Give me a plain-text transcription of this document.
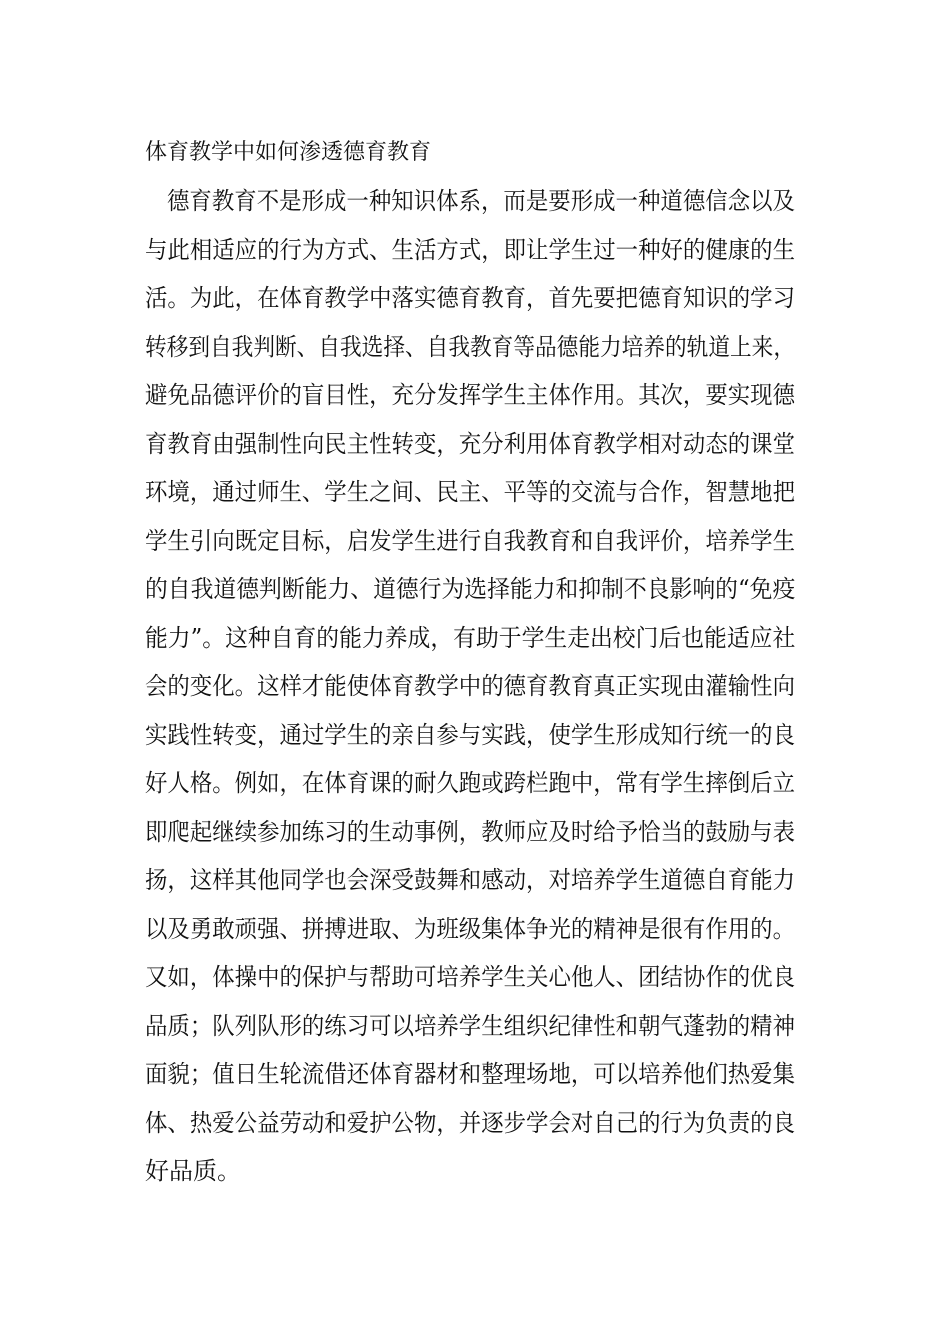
体育教学中如何渗透德育教育

德育教育不是形成一种知识体系，而是要形成一种道德信念以及

与此相适应的行为方式、生活方式，即让学生过一种好的健康的生

活。为此，在体育教学中落实德育教育，首先要把德育知识的学习

转移到自我判断、自我选择、自我教育等品德能力培养的轨道上来，

避免品德评价的盲目性，充分发挥学生主体作用。其次，要实现德

育教育由强制性向民主性转变，充分利用体育教学相对动态的课堂

环境，通过师生、学生之间、民主、平等的交流与合作，智慧地把

学生引向既定目标，启发学生进行自我教育和自我评价，培养学生

的自我道德判断能力、道德行为选择能力和抑制不良影响的“免疫

能力”。这种自育的能力养成，有助于学生走出校门后也能适应社

会的变化。这样才能使体育教学中的德育教育真正实现由灌输性向

实践性转变，通过学生的亲自参与实践，使学生形成知行统一的良

好人格。例如，在体育课的耐久跑或跨栏跑中，常有学生摔倒后立

即爬起继续参加练习的生动事例，教师应及时给予恰当的鼓励与表

扬，这样其他同学也会深受鼓舞和感动，对培养学生道德自育能力

以及勇敢顽强、拼搏进取、为班级集体争光的精神是很有作用的。

又如，体操中的保护与帮助可培养学生关心他人、团结协作的优良

品质；队列队形的练习可以培养学生组织纪律性和朝气蓬勃的精神

面貌；值日生轮流借还体育器材和整理场地，可以培养他们热爱集

体、热爱公益劳动和爱护公物，并逐步学会对自己的行为负责的良

好品质。
